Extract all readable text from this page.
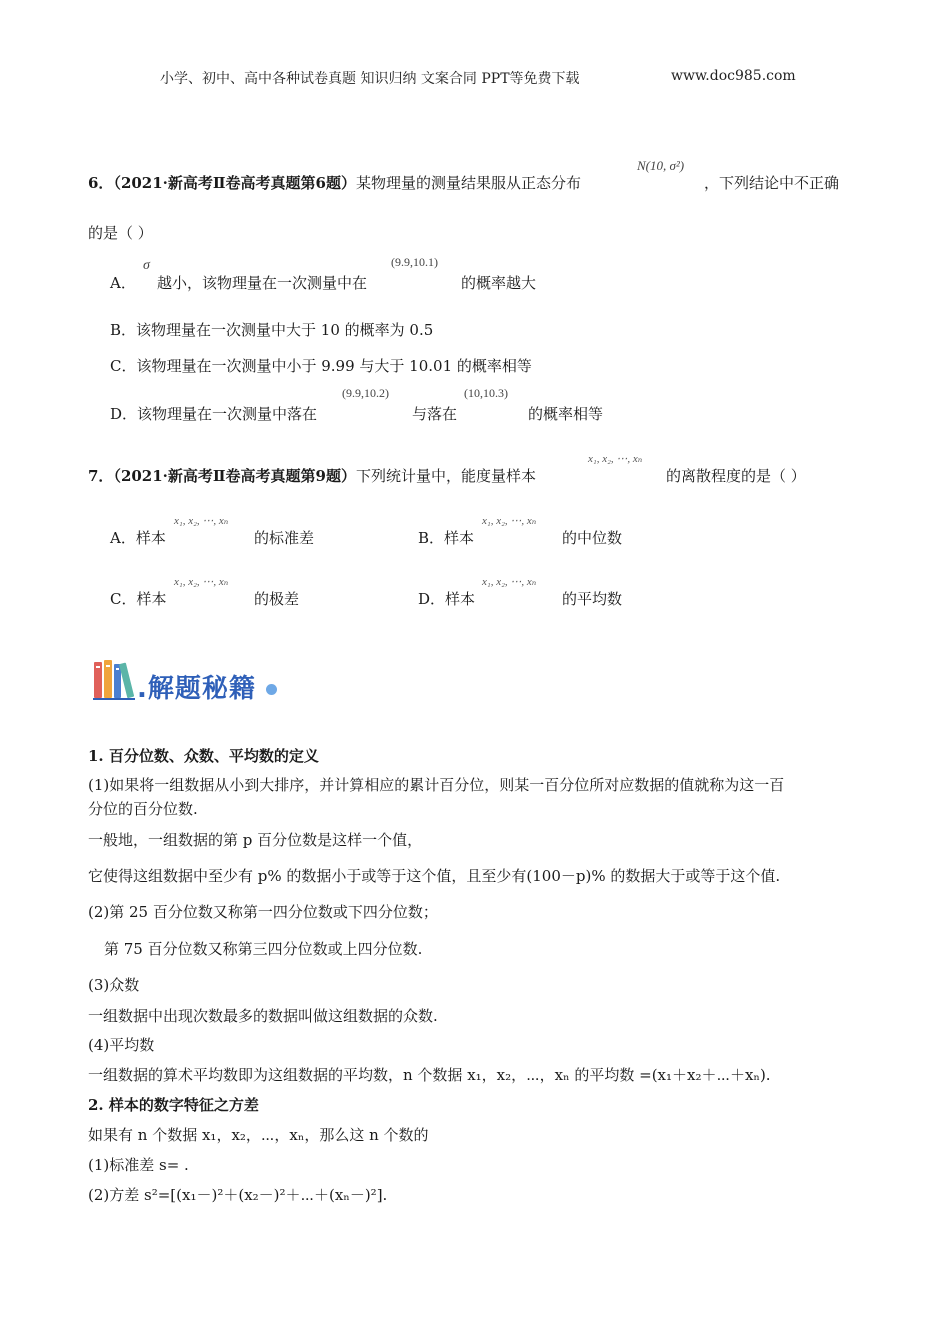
小学、初中、高中各种试卷真题 知识归纳 文案合同 PPT等免费下载	www.doc985.com
6．（2021·新高考Ⅱ卷高考真题第6题）某物理量的测量结果服从正态分布
N(10, σ²)
，下列结论中不正确
的是（ ）
A．
σ
越小，该物理量在一次测量中在
(9.9,10.1)
的概率越大
B．该物理量在一次测量中大于 10 的概率为 0.5
C．该物理量在一次测量中小于 9.99 与大于 10.01 的概率相等
D．该物理量在一次测量中落在
(9.9,10.2)
与落在
(10,10.3)
的概率相等
7．（2021·新高考Ⅱ卷高考真题第9题）下列统计量中，能度量样本
x₁, x₂, ⋯, xₙ
的离散程度的是（ ）
A．样本
x₁, x₂, ⋯, xₙ
的标准差	B．样本
x₁, x₂, ⋯, xₙ
的中位数
C．样本
x₁, x₂, ⋯, xₙ
的极差	D．样本
x₁, x₂, ⋯, xₙ
的平均数
.解题秘籍
1. 百分位数、众数、平均数的定义
(1)如果将一组数据从小到大排序，并计算相应的累计百分位，则某一百分位所对应数据的值就称为这一百
分位的百分位数.
一般地，一组数据的第 p 百分位数是这样一个值，
它使得这组数据中至少有 p% 的数据小于或等于这个值，且至少有(100－p)% 的数据大于或等于这个值.
(2)第 25 百分位数又称第一四分位数或下四分位数；
第 75 百分位数又称第三四分位数或上四分位数.
(3)众数
一组数据中出现次数最多的数据叫做这组数据的众数.
(4)平均数
一组数据的算术平均数即为这组数据的平均数，n 个数据 x₁，x₂，⋯，xₙ 的平均数 =(x₁＋x₂＋⋯＋xₙ).
2. 样本的数字特征之方差
如果有 n 个数据 x₁，x₂，⋯，xₙ，那么这 n 个数的
(1)标准差 s= .
(2)方差 s²=[(x₁－)²＋(x₂－)²＋⋯＋(xₙ－)²].
